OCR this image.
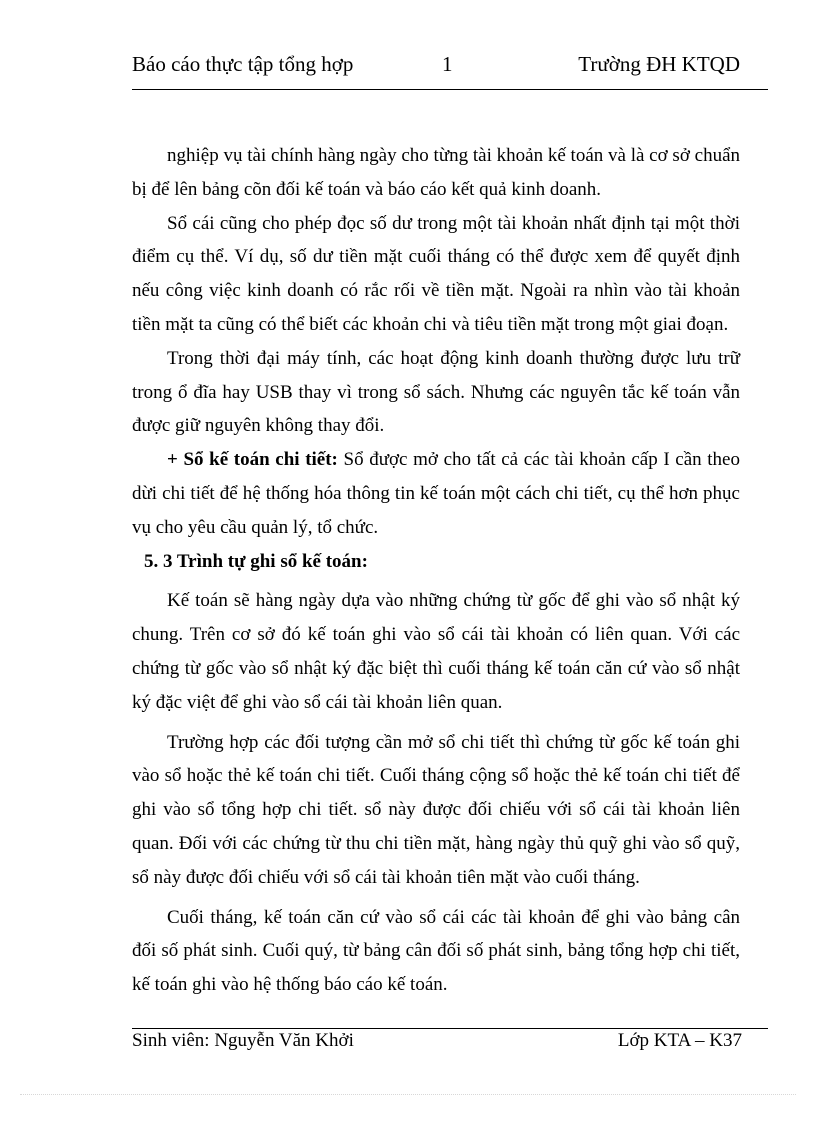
Báo cáo thực tập tổng hợp	1	Trường ĐH KTQD

nghiệp vụ tài chính hàng ngày cho từng tài khoản kế toán và là cơ sở chuẩn bị để lên bảng cõn đối kế toán và báo cáo kết quả kinh doanh.

Sổ cái cũng cho phép đọc số dư trong một tài khoản nhất định tại một thời điểm cụ thể. Ví dụ, số dư tiền mặt cuối tháng có thể được xem để quyết định nếu công việc kinh doanh có rắc rối về tiền mặt. Ngoài ra nhìn vào tài khoản tiền mặt ta cũng có thể biết các khoản chi và tiêu tiền mặt trong một giai đoạn.

Trong thời đại máy tính, các hoạt động kinh doanh thường được lưu trữ trong ổ đĩa hay USB thay vì trong sổ sách. Nhưng các nguyên tắc kế toán vẫn được giữ nguyên không thay đổi.

+ Sổ kế toán chi tiết: Sổ được mở cho tất cả các tài khoản cấp I cần theo dừi chi tiết để hệ thống hóa thông tin kế toán một cách chi tiết, cụ thể hơn phục vụ cho yêu cầu quản lý, tổ chức.

5. 3 Trình tự ghi sổ kế toán:

Kế toán sẽ hàng ngày dựa vào những chứng từ gốc để ghi vào sổ nhật ký chung. Trên cơ sở đó kế toán ghi vào sổ cái tài khoản có liên quan. Với các chứng từ gốc vào sổ nhật ký đặc biệt thì cuối tháng kế toán căn cứ vào sổ nhật ký đặc việt để ghi vào sổ cái tài khoản liên quan.

Trường hợp các đối tượng cần mở sổ chi tiết thì chứng từ gốc kế toán ghi vào sổ hoặc thẻ kế toán chi tiết. Cuối tháng cộng sổ hoặc thẻ kế toán chi tiết để ghi vào sổ tổng hợp chi tiết. sổ này được đối chiếu với sổ cái tài khoản liên quan. Đối với các chứng từ thu chi tiền mặt, hàng ngày thủ quỹ ghi vào sổ quỹ, sổ này được đối chiếu với sổ cái tài khoản tiên mặt vào cuối tháng.

Cuối tháng, kế toán căn cứ vào sổ cái các tài khoản để ghi vào bảng cân đối số phát sinh. Cuối quý, từ bảng cân đối số phát sinh, bảng tổng hợp chi tiết, kế toán ghi vào hệ thống báo cáo kế toán.

Sinh viên: Nguyễn Văn Khởi	Lớp KTA – K37
